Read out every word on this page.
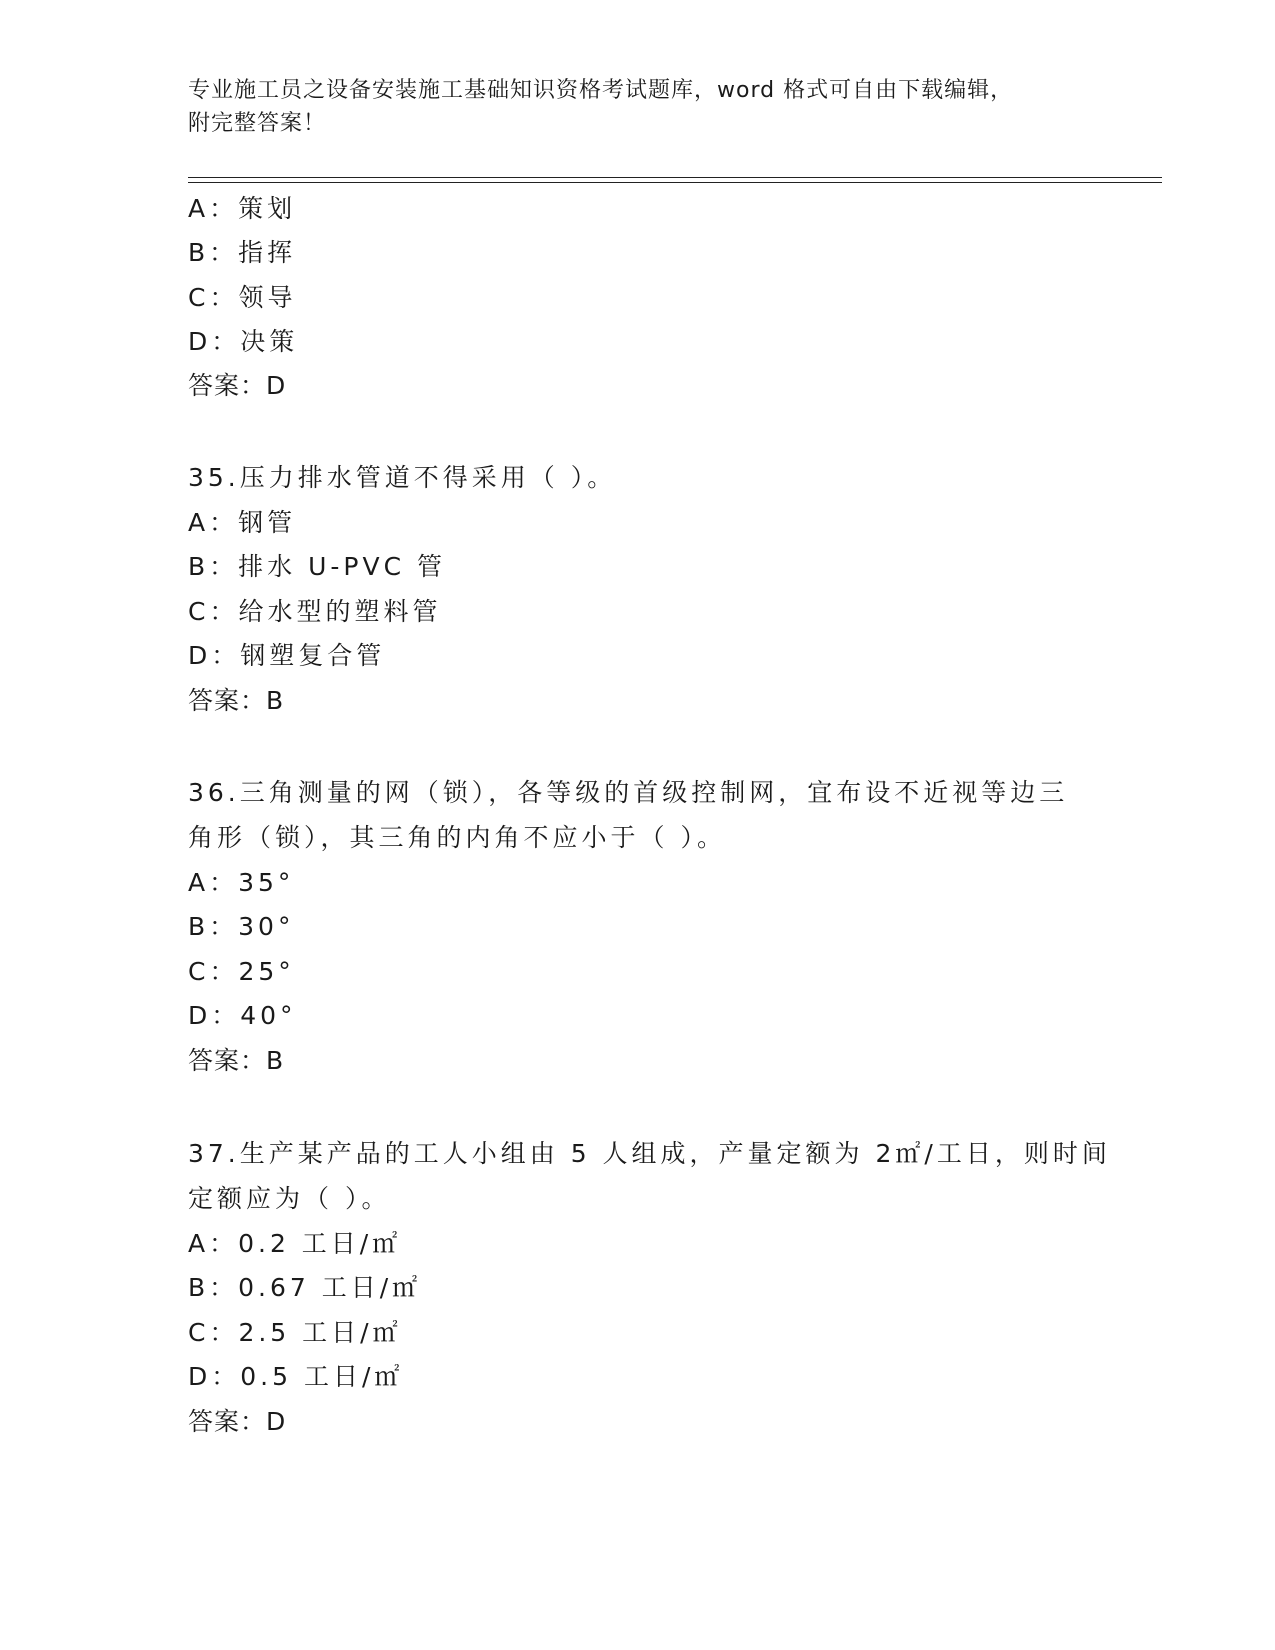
专业施工员之设备安装施工基础知识资格考试题库，word 格式可自由下载编辑，
附完整答案！
A：策划
B：指挥
C：领导
D：决策
答案：D
35.压力排水管道不得采用（ ）。
A：钢管
B：排水 U-PVC 管
C：给水型的塑料管
D：钢塑复合管
答案：B
36.三角测量的网（锁），各等级的首级控制网，宜布设不近视等边三
角形（锁），其三角的内角不应小于（ ）。
A：35°
B：30°
C：25°
D：40°
答案：B
37.生产某产品的工人小组由 5 人组成，产量定额为 2㎡/工日，则时间
定额应为（ ）。
A：0.2 工日/㎡
B：0.67 工日/㎡
C：2.5 工日/㎡
D：0.5 工日/㎡
答案：D
